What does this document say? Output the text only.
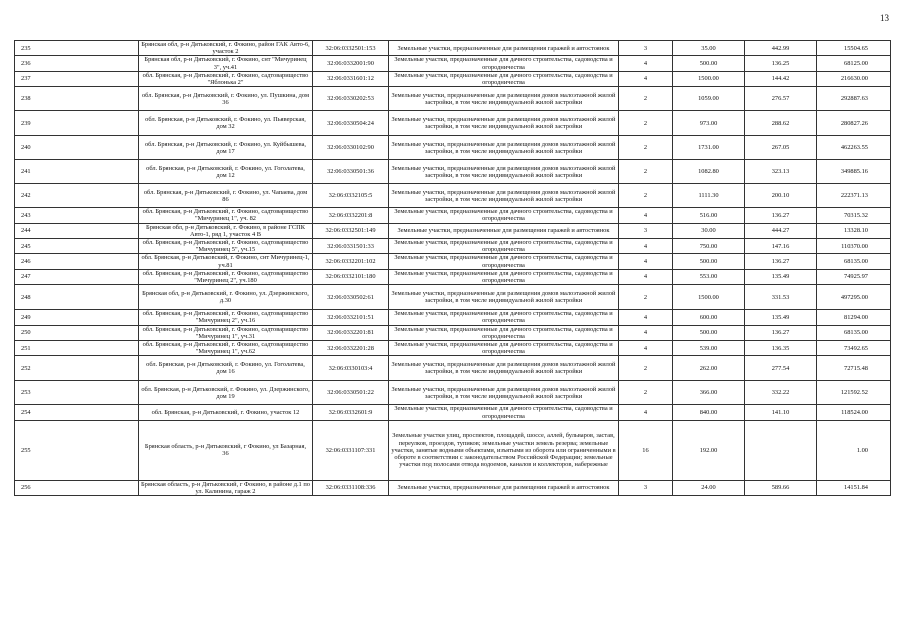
13
235	Брянская обл, р-н Дятьковский, г. Фокино, район ГАК Авто-6, участок 2	32:06:0332501:153	Земельные участки, предназначенные для размещения гаражей и автостоянок	3	35.00	442.99	15504.65
236	Брянская обл, р-н Дятьковский, г. Фокино, снт "Мичуринец 3", уч.41	32:06:0332001:90	Земельные участки, предназначенные для дачного строительства, садоводства и огородничества	4	500.00	136.25	68125.00
237	обл. Брянская, р-н Дятьковский, г. Фокино, садтоварищество "Яблонька 2"	32:06:0331601:12	Земельные участки, предназначенные для дачного строительства, садоводства и огородничества	4	1500.00	144.42	216630.00
238	обл. Брянская, р-н Дятьковский, г. Фокино, ул. Пушкина, дом 36	32:06:0330202:53	Земельные участки, предназначенные для размещения домов малоэтажной жилой застройки, в том числе индивидуальной жилой застройки	2	1059.00	276.57	292887.63
239	обл. Брянская, р-н Дятьковский, г. Фокино, ул. Пьяверская, дом 32	32:06:0330504:24	Земельные участки, предназначенные для размещения домов малоэтажной жилой застройки, в том числе индивидуальной жилой застройки	2	973.00	288.62	280827.26
240	обл. Брянская, р-н Дятьковский, г. Фокино, ул. Куйбышева, дом 17	32:06:0330102:90	Земельные участки, предназначенные для размещения домов малоэтажной жилой застройки, в том числе индивидуальной жилой застройки	2	1731.00	267.05	462263.55
241	обл. Брянская, р-н Дятьковский, г. Фокино, ул. Гоголатева, дом 12	32:06:0330501:36	Земельные участки, предназначенные для размещения домов малоэтажной жилой застройки, в том числе индивидуальной жилой застройки	2	1082.80	323.13	349885.16
242	обл. Брянская, р-н Дятьковский, г. Фокино, ул. Чапаева, дом 86	32:06:0332105:5	Земельные участки, предназначенные для размещения домов малоэтажной жилой застройки, в том числе индивидуальной жилой застройки	2	1111.30	200.10	222371.13
243	обл. Брянская, р-н Дятьковский, г. Фокино, садтоварищество "Мичуринец 1", уч. 82	32:06:0332201:8	Земельные участки, предназначенные для дачного строительства, садоводства и огородничества	4	516.00	136.27	70315.32
244	Брянская обл, р-н Дятьковский, г. Фокино, в районе ГСПК Авто-1, ряд 1, участок 4 В	32:06:0332501:149	Земельные участки, предназначенные для размещения гаражей и автостоянок	3	30.00	444.27	13328.10
245	обл. Брянская, р-н Дятьковский, г. Фокино, садтоварищество "Мичуринец 5", уч.15	32:06:0331501:33	Земельные участки, предназначенные для дачного строительства, садоводства и огородничества	4	750.00	147.16	110370.00
246	обл. Брянская, р-н Дятьковский, г. Фокино, снт Мичуринец-1, уч.81	32:06:0332201:102	Земельные участки, предназначенные для дачного строительства, садоводства и огородничества	4	500.00	136.27	68135.00
247	обл. Брянская, р-н Дятьковский, г. Фокино, садтоварищество "Мичуринец 2", уч.180	32:06:0332101:180	Земельные участки, предназначенные для дачного строительства, садоводства и огородничества	4	553.00	135.49	74925.97
248	Брянская обл, р-н Дятьковский, г. Фокино, ул. Дзержинского, д.30	32:06:0330502:61	Земельные участки, предназначенные для размещения домов малоэтажной жилой застройки, в том числе индивидуальной жилой застройки	2	1500.00	331.53	497295.00
249	обл. Брянская, р-н Дятьковский, г. Фокино, садтоварищество "Мичуринец 2", уч.16	32:06:0332101:51	Земельные участки, предназначенные для дачного строительства, садоводства и огородничества	4	600.00	135.49	81294.00
250	обл. Брянская, р-н Дятьковский, г. Фокино, садтоварищество "Мичуринец 1", уч.31	32:06:0332201:81	Земельные участки, предназначенные для дачного строительства, садоводства и огородничества	4	500.00	136.27	68135.00
251	обл. Брянская, р-н Дятьковский, г. Фокино, садтоварищество "Мичуринец 1", уч.62	32:06:0332201:28	Земельные участки, предназначенные для дачного строительства, садоводства и огородничества	4	539.00	136.35	73492.65
252	обл. Брянская, р-н Дятьковский, г. Фокино, ул. Гоголатева, дом 16	32:06:0330103:4	Земельные участки, предназначенные для размещения домов малоэтажной жилой застройки, в том числе индивидуальной жилой застройки	2	262.00	277.54	72715.48
253	обл. Брянская, р-н Дятьковский, г. Фокино, ул. Дзержинского, дом 19	32:06:0330501:22	Земельные участки, предназначенные для размещения домов малоэтажной жилой застройки, в том числе индивидуальной жилой застройки	2	366.00	332.22	121592.52
254	обл. Брянская, р-н Дятьковский, г. Фокино, участок 12	32:06:0332601:9	Земельные участки, предназначенные для дачного строительства, садоводства и огородничества	4	840.00	141.10	118524.00
255	Брянская область, р-н Дятьковский, г Фокино, ул Базарная, 36	32:06:0331107:331	Земельные участки улиц, проспектов, площадей, шоссе, аллей, бульваров, застав, переулков, проездов, тупиков; земельные участки земель резерва; земельные участки, занятые водными объектами, изъятыми из оборота или ограниченными в обороте в соответствии с законодательством Российской Федерации; земельные участки под полосами отвода водоемов, каналов и коллекторов, набережные	16	192.00		1.00
256	Брянская область, р-н Дятьковский, г Фокино, в районе д.1 по ул. Калинина, гараж 2	32:06:0331108:336	Земельные участки, предназначенные для размещения гаражей и автостоянок	3	24.00	589.66	14151.84
